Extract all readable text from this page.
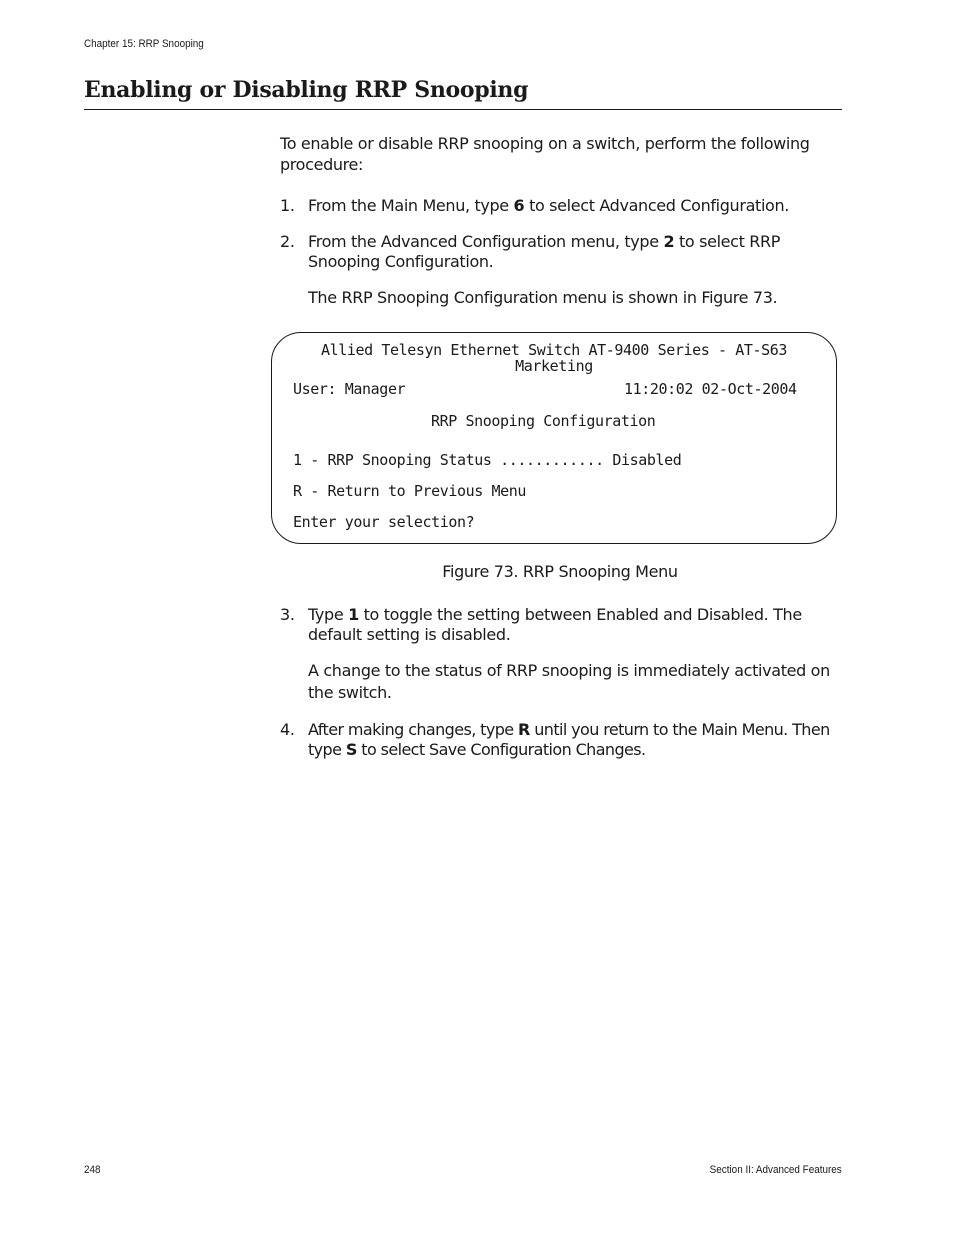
Chapter 15: RRP Snooping
Enabling or Disabling RRP Snooping

To enable or disable RRP snooping on a switch, perform the following procedure:

1. From the Main Menu, type 6 to select Advanced Configuration.
2. From the Advanced Configuration menu, type 2 to select RRP Snooping Configuration.
The RRP Snooping Configuration menu is shown in Figure 73.
Allied Telesyn Ethernet Switch AT-9400 Series - AT-S63
Marketing
User: Manager	11:20:02 02-Oct-2004
RRP Snooping Configuration
1 - RRP Snooping Status ............ Disabled
R - Return to Previous Menu
Enter your selection?
Figure 73. RRP Snooping Menu
3. Type 1 to toggle the setting between Enabled and Disabled. The default setting is disabled.
A change to the status of RRP snooping is immediately activated on the switch.
4. After making changes, type R until you return to the Main Menu. Then type S to select Save Configuration Changes.
248	Section II: Advanced Features
